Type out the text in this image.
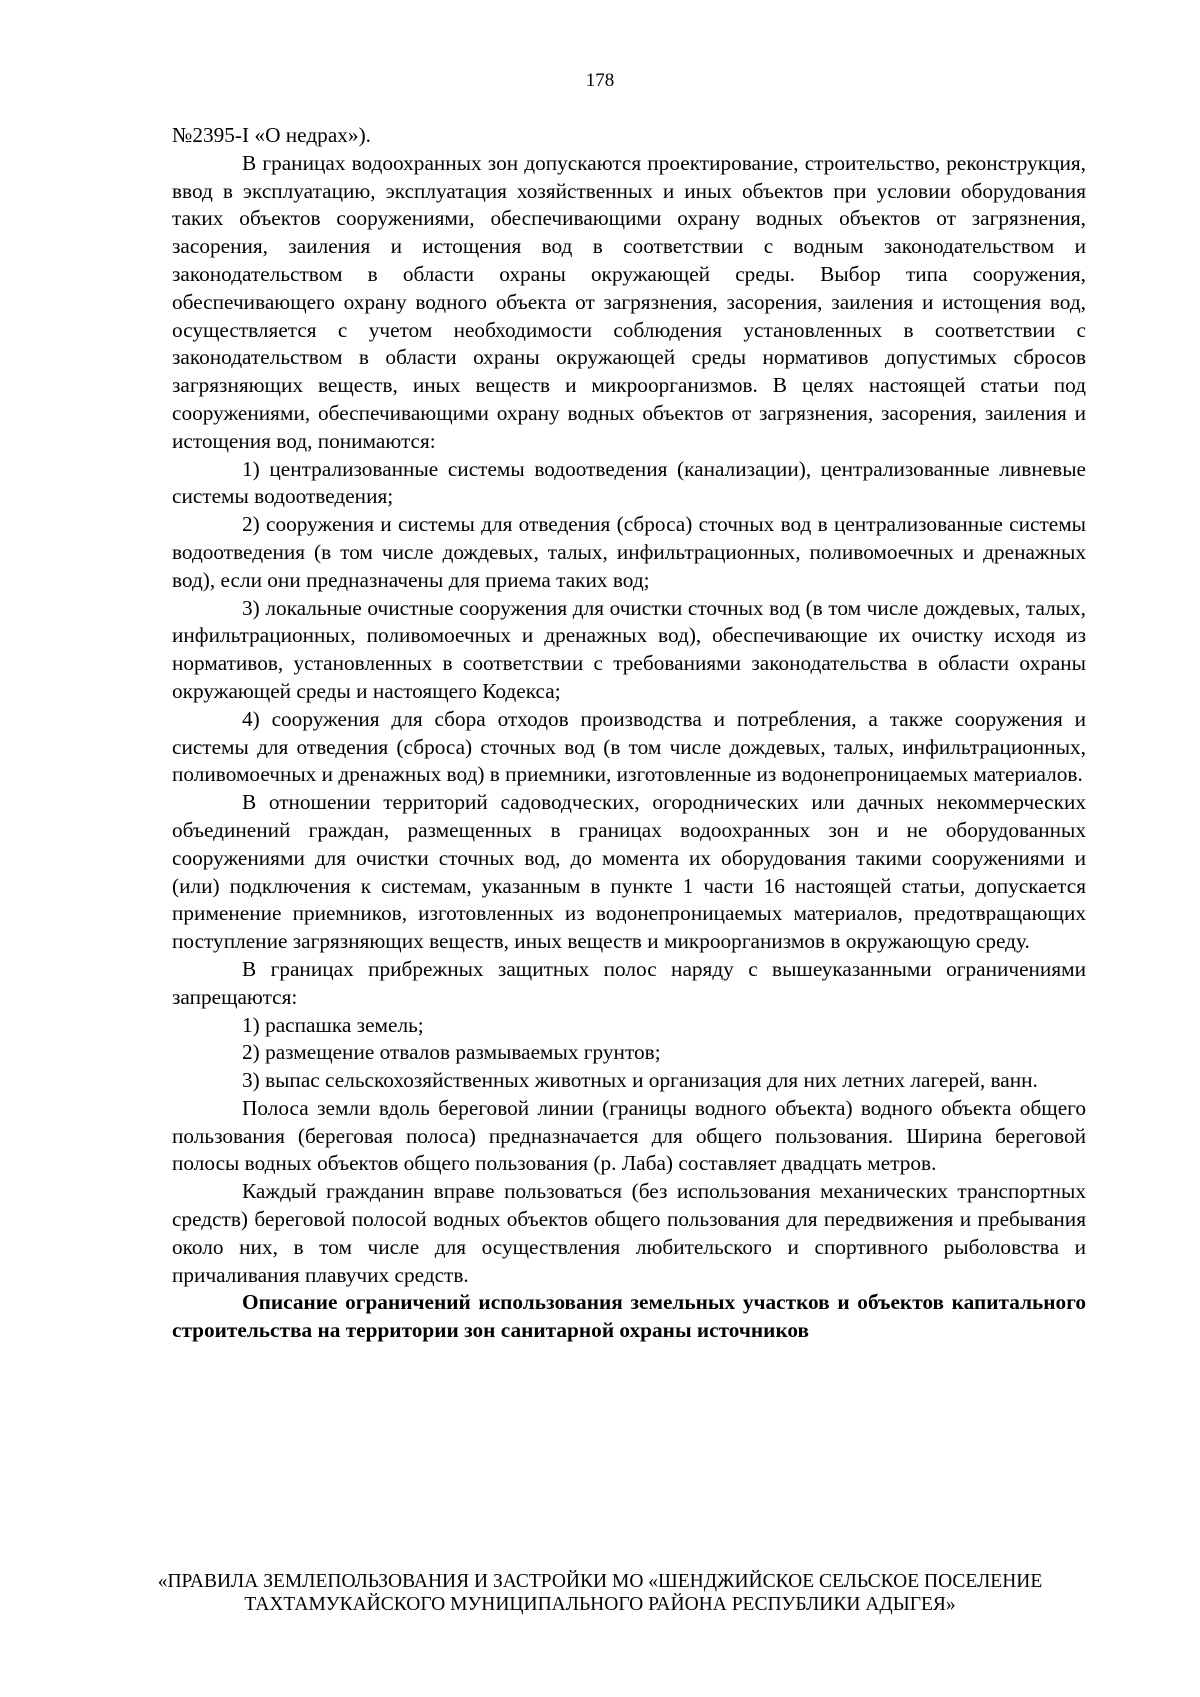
178

№2395-I «О недрах»).

В границах водоохранных зон допускаются проектирование, строительство, реконструкция, ввод в эксплуатацию, эксплуатация хозяйственных и иных объектов при условии оборудования таких объектов сооружениями, обеспечивающими охрану водных объектов от загрязнения, засорения, заиления и истощения вод в соответствии с водным законодательством и законодательством в области охраны окружающей среды. Выбор типа сооружения, обеспечивающего охрану водного объекта от загрязнения, засорения, заиления и истощения вод, осуществляется с учетом необходимости соблюдения установленных в соответствии с законодательством в области охраны окружающей среды нормативов допустимых сбросов загрязняющих веществ, иных веществ и микроорганизмов. В целях настоящей статьи под сооружениями, обеспечивающими охрану водных объектов от загрязнения, засорения, заиления и истощения вод, понимаются:

1) централизованные системы водоотведения (канализации), централизованные ливневые системы водоотведения;

2) сооружения и системы для отведения (сброса) сточных вод в централизованные системы водоотведения (в том числе дождевых, талых, инфильтрационных, поливомоечных и дренажных вод), если они предназначены для приема таких вод;

3) локальные очистные сооружения для очистки сточных вод (в том числе дождевых, талых, инфильтрационных, поливомоечных и дренажных вод), обеспечивающие их очистку исходя из нормативов, установленных в соответствии с требованиями законодательства в области охраны окружающей среды и настоящего Кодекса;

4) сооружения для сбора отходов производства и потребления, а также сооружения и системы для отведения (сброса) сточных вод (в том числе дождевых, талых, инфильтрационных, поливомоечных и дренажных вод) в приемники, изготовленные из водонепроницаемых материалов.

В отношении территорий садоводческих, огороднических или дачных некоммерческих объединений граждан, размещенных в границах водоохранных зон и не оборудованных сооружениями для очистки сточных вод, до момента их оборудования такими сооружениями и (или) подключения к системам, указанным в пункте 1 части 16 настоящей статьи, допускается применение приемников, изготовленных из водонепроницаемых материалов, предотвращающих поступление загрязняющих веществ, иных веществ и микроорганизмов в окружающую среду.

В границах прибрежных защитных полос наряду с вышеуказанными ограничениями запрещаются:

1) распашка земель;

2) размещение отвалов размываемых грунтов;

3) выпас сельскохозяйственных животных и организация для них летних лагерей, ванн.

Полоса земли вдоль береговой линии (границы водного объекта) водного объекта общего пользования (береговая полоса) предназначается для общего пользования. Ширина береговой полосы водных объектов общего пользования (р. Лаба) составляет двадцать метров.

Каждый гражданин вправе пользоваться (без использования механических транспортных средств) береговой полосой водных объектов общего пользования для передвижения и пребывания около них, в том числе для осуществления любительского и спортивного рыболовства и причаливания плавучих средств.

Описание ограничений использования земельных участков и объектов капитального строительства на территории зон санитарной охраны источников

«ПРАВИЛА ЗЕМЛЕПОЛЬЗОВАНИЯ И ЗАСТРОЙКИ МО «ШЕНДЖИЙСКОЕ СЕЛЬСКОЕ ПОСЕЛЕНИЕ
ТАХТАМУКАЙСКОГО МУНИЦИПАЛЬНОГО РАЙОНА РЕСПУБЛИКИ АДЫГЕЯ»
